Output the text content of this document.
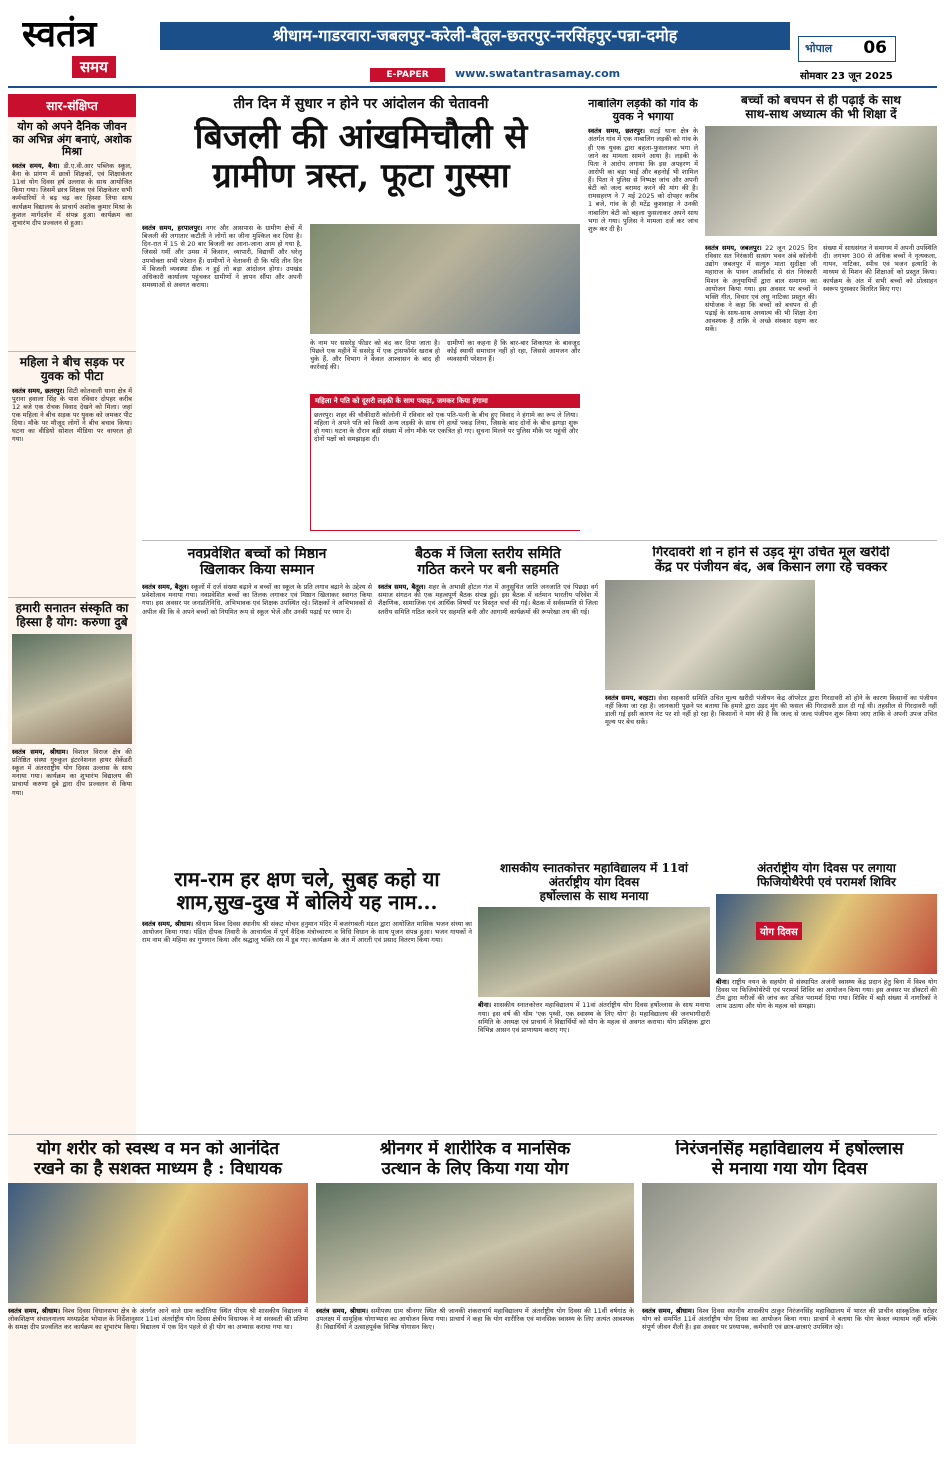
स्वतंत्र
समय
श्रीधाम-गाडरवारा-जबलपुर-करेली-बैतूल-छतरपुर-नरसिंहपुर-पन्ना-दमोह
भोपाल 06
E-PAPER	www.swatantrasamay.com	सोमवार 23 जून 2025
सार-संक्षिप्त
योग को अपने दैनिक जीवन का अभिन्न अंग बनाएं, अशोक मिश्रा
स्वतंत्र समय, बैना। डी.ए.वी.आर पब्लिक स्कूल, बैना के प्रांगण में छात्रों शिक्षकों, एवं शिक्षाकेतर 11वां योग दिवस हर्ष उल्लास के साथ आयोजित किया गया। जिसमें छात्र शिक्षक एवं शिक्षकेतर सभी कर्मचारियों ने बढ़ चढ़ कर हिस्सा लिया साथ कार्यक्रम विद्यालय के प्राचार्य अशोक कुमार मिश्रा के कुशल मार्गदर्शन में संपन्न हुआ। कार्यक्रम का शुभारंभ दीप प्रज्वलन से हुआ।
महिला ने बीच सड़क पर युवक को पीटा
स्वतंत्र समय, छतरपुर। सिटी कोतवाली थाना क्षेत्र में पुराना हवाला सिंह के पास रविवार दोपहर करीब 12 बजे एक रोचक विवाद देखने को मिला। जहां एक महिला ने बीच सड़क पर युवक को जमकर पीट दिया। मौके पर मौजूद लोगों ने बीच बचाव किया। घटना का वीडियो सोशल मीडिया पर वायरल हो गया।
हमारी सनातन संस्कृति का हिस्सा है योग: करुणा दुबे
स्वतंत्र समय, श्रीधाम। विशाल विराज क्षेत्र की प्रतिष्ठित संस्था गुरुकुल इंटरनेशनल हायर सेकेंडरी स्कूल में अंतरराष्ट्रीय योग दिवस उल्लास के साथ मनाया गया। कार्यक्रम का शुभारंभ विद्यालय की प्राचार्या करुणा दुबे द्वारा दीप प्रज्वलन से किया गया।
तीन दिन में सुधार न होने पर आंदोलन की चेतावनी
बिजली की आंखमिचौली से
ग्रामीण त्रस्त, फूटा गुस्सा
स्वतंत्र समय, हरपालपुर। नगर और आसपास के ग्रामीण क्षेत्रों में बिजली की लगातार कटौती ने लोगों का जीना मुश्किल कर दिया है। दिन-रात में 15 से 20 बार बिजली का आना-जाना आम हो गया है, जिससे गर्मी और उमस में किसान, व्यापारी, विद्यार्थी और घरेलू उपभोक्ता सभी परेशान हैं। ग्रामीणों ने चेतावनी दी कि यदि तीन दिन में बिजली व्यवस्था ठीक न हुई तो बड़ा आंदोलन होगा। उपखंड अधिकारी कार्यालय पहुंचकर ग्रामीणों ने ज्ञापन सौंपा और अपनी समस्याओं से अवगत कराया।
के नाम पर ससरेड़ु फीडर को बंद कर दिया जाता है। पिछले एक महीने में ससरेड़ु में एक ट्रांसफॉर्मर खराब हो चुके हैं, और विभाग ने केवल आश्वासन के बाद ही कार्रवाई की।
ग्रामीणों का कहना है कि बार-बार शिकायत के बावजूद कोई स्थायी समाधान नहीं हो रहा, जिससे आमजन और व्यवसायी परेशान हैं।
महिला ने पति को दूसरी लड़की के साथ पकड़ा, जमकर किया हंगामा
छतरपुर। शहर की चौकीदारी कॉलोनी में रविवार को एक पति-पत्नी के बीच हुए विवाद ने हंगामे का रूप ले लिया। महिला ने अपने पति को किसी अन्य लड़की के साथ रंगे हाथों पकड़ लिया, जिसके बाद दोनों के बीच झगड़ा शुरू हो गया। घटना के दौरान बड़ी संख्या में लोग मौके पर एकत्रित हो गए। सूचना मिलने पर पुलिस मौके पर पहुंची और दोनों पक्षों को समझाइश दी।
नाबालिग लड़की को गांव के युवक ने भगाया
स्वतंत्र समय, छतरपुर। सटई थाना क्षेत्र के अंतर्गत गांव में एक नाबालिग लड़की को गांव के ही एक युवक द्वारा बहला-फुसलाकर भगा ले जाने का मामला सामने आया है। लड़की के पिता ने आरोप लगाया कि इस अपहरण में आरोपी का बड़ा भाई और बहनोई भी शामिल हैं। पिता ने पुलिस से निष्पक्ष जांच और अपनी बेटी को जल्द बरामद करने की मांग की है। रामसहरण ने 7 मई 2025 को दोपहर करीब 1 बजे, गांव के ही मटेंद्र कुशवाहा ने उनकी नाबालिग बेटी को बहला फुसलाकर अपने साथ भगा ले गया। पुलिस ने मामला दर्ज कर जांच शुरू कर दी है।
बच्चों को बचपन से ही पढ़ाई के साथ
साथ-साथ अध्यात्म की भी शिक्षा दें
स्वतंत्र समय, जबलपुर। 22 जून 2025 दिन रविवार सत निरंकारी सत्संग भवन अंबे कॉलोनी उद्योग जबलपुर में सत्गुरु माता सुदीक्षा जी महाराज के पावन आशीर्वाद से संत निरंकारी मिशन के अनुयायियों द्वारा बाल समागम का आयोजन किया गया। इस अवसर पर बच्चों ने भक्ति गीत, विचार एवं लघु नाटिका प्रस्तुत की। संयोजक ने कहा कि बच्चों को बचपन से ही पढ़ाई के साथ-साथ अध्यात्म की भी शिक्षा देना आवश्यक है ताकि वे अच्छे संस्कार ग्रहण कर सकें।
संख्या में साधसंगत ने समागम में अपनी उपस्थिति दी। लगभग 300 से अधिक बच्चों ने नृत्यकला, गायन, नाटिका, स्पीच एवं भजन इत्यादि के माध्यम से मिशन की शिक्षाओं को प्रस्तुत किया। कार्यक्रम के अंत में सभी बच्चों को प्रोत्साहन स्वरूप पुरस्कार वितरित किए गए।
नवप्रवेशित बच्चों को मिष्ठान
खिलाकर किया सम्मान
स्वतंत्र समय, बैतूल। स्कूलों में दर्ज संख्या बढ़ाने व बच्चों का स्कूल के प्रति लगाव बढ़ाने के उद्देश्य से प्रवेशोत्सव मनाया गया। नवप्रवेशित बच्चों का तिलक लगाकर एवं मिष्ठान खिलाकर स्वागत किया गया। इस अवसर पर जनप्रतिनिधि, अभिभावक एवं शिक्षक उपस्थित रहे। शिक्षकों ने अभिभावकों से अपील की कि वे अपने बच्चों को नियमित रूप से स्कूल भेजें और उनकी पढ़ाई पर ध्यान दें।
बैठक में जिला स्तरीय समिति
गठित करने पर बनी सहमति
स्वतंत्र समय, बैतूल। शहर के अभाव्री होटल गंज में अनुसूचित जाति जनजाति एवं पिछड़ा वर्ग समाज संगठन की एक महत्वपूर्ण बैठक संपन्न हुई। इस बैठक में वर्तमान भारतीय परिवेश में शैक्षणिक, सामाजिक एवं आर्थिक विषयों पर विस्तृत चर्चा की गई। बैठक में सर्वसम्मति से जिला स्तरीय समिति गठित करने पर सहमति बनी और आगामी कार्यक्रमों की रूपरेखा तय की गई।
गिरदावरी शो न होने से उड़द मूंग उचित मूल खरीदी
केंद्र पर पंजीयन बंद, अब किसान लगा रहे चक्कर
स्वतंत्र समय, बरहटा। सेवा सहकारी समिति उचित मूल्य खरीदी पंजीयन केंद्र ऑपरेटर द्वारा गिरदावरी शो होने के कारण किसानों का पंजीयन नहीं किया जा रहा है। जानकारी पूछने पर बताया कि हमारे द्वारा उड़द मूंग की फसल की गिरदावरी डाल दी गई थी। तहसील से गिरदावरी नहीं डाली गई इसी कारण नेट पर शो नहीं हो रहा है। किसानों ने मांग की है कि जल्द से जल्द पंजीयन शुरू किया जाए ताकि वे अपनी उपज उचित मूल्य पर बेच सकें।
राम-राम हर क्षण चले, सुबह कहो या
शाम,सुख-दुख में बोलिये यह नाम...
स्वतंत्र समय, श्रीधाम। श्रीधाम विश्व दिवस स्थानीय श्री संकट मोचन हनुमान मंदिर में बजरंगबली मंडल द्वारा आयोजित मासिक भजन संध्या का आयोजन किया गया। पंडित दीपक तिवारी के आचार्यत्व में पूर्ण वैदिक मंत्रोच्चारण व विधि विधान के साथ पूजन संपन्न हुआ। भजन गायकों ने राम नाम की महिमा का गुणगान किया और श्रद्धालु भक्ति रस में डूब गए। कार्यक्रम के अंत में आरती एवं प्रसाद वितरण किया गया।
शासकीय स्नातकोत्तर महाविद्यालय में 11वां अंतर्राष्ट्रीय योग दिवस
हर्षोल्लास के साथ मनाया
बीना। शासकीय स्नातकोत्तर महाविद्यालय में 11वां अंतर्राष्ट्रीय योग दिवस हर्षोल्लास के साथ मनाया गया। इस वर्ष की थीम 'एक पृथ्वी, एक स्वास्थ्य के लिए योग' है। महाविद्यालय की जनभागीदारी समिति के अध्यक्ष एवं प्राचार्य ने विद्यार्थियों को योग के महत्व से अवगत कराया। योग प्रशिक्षक द्वारा विभिन्न आसन एवं प्राणायाम कराए गए।
अंतर्राष्ट्रीय योग दिवस पर लगाया
फिजियोथैरेपी एवं परामर्श शिविर
योग दिवस
बीना। राष्ट्रीय नयन के सहयोग से संस्थापित अजंनी स्वास्थ्य केंद्र प्रदान हेतु बिना में विश्व योग दिवस पर फिजियोथेरेपी एवं परामर्श शिविर का आयोजन किया गया। इस अवसर पर डॉक्टरों की टीम द्वारा मरीजों की जांच कर उचित परामर्श दिया गया। शिविर में बड़ी संख्या में नागरिकों ने लाभ उठाया और योग के महत्व को समझा।
योग शरीर को स्वस्थ व मन को आनंदित
रखने का है सशक्त माध्यम है : विधायक
स्वतंत्र समय, श्रीधाम। विश्व दिवस विधानसभा क्षेत्र के अंतर्गत आने वाले ग्राम कठौतिया स्थित पीएम श्री शासकीय विद्यालय में लोकशिक्षण संचालनालय मध्यप्रदेश भोपाल के निर्देशानुसार 11वां अंतर्राष्ट्रीय योग दिवस क्षेत्रीय विधायक ने मां सरस्वती की प्रतिमा के समक्ष दीप प्रज्वलित कर कार्यक्रम का शुभारंभ किया। विद्यालय में एक दिन पहले से ही योग का अभ्यास कराया गया था।
श्रीनगर में शारीरिक व मानसिक
उत्थान के लिए किया गया योग
स्वतंत्र समय, श्रीधाम। समीपस्थ ग्राम श्रीनगर स्थित श्री जानकी शंकराचार्य महाविद्यालय में अंतर्राष्ट्रीय योग दिवस की 11वीं वर्षगांठ के उपलक्ष्य में सामूहिक योगाभ्यास का आयोजन किया गया। प्राचार्य ने कहा कि योग शारीरिक एवं मानसिक स्वास्थ्य के लिए अत्यंत आवश्यक है। विद्यार्थियों ने उत्साहपूर्वक विभिन्न योगासन किए।
निरंजनसिंह महाविद्यालय में हर्षोल्लास
से मनाया गया योग दिवस
स्वतंत्र समय, श्रीधाम। विश्व दिवस स्थानीय शासकीय ठाकुर निरंजनसिंह महाविद्यालय में भारत की प्राचीन सांस्कृतिक धरोहर योग को समर्पित 11वें अंतर्राष्ट्रीय योग दिवस का आयोजन किया गया। प्राचार्य ने बताया कि योग केवल व्यायाम नहीं बल्कि संपूर्ण जीवन शैली है। इस अवसर पर प्रध्यापक, कर्मचारी एवं छात्र-छात्राएं उपस्थित रहे।
